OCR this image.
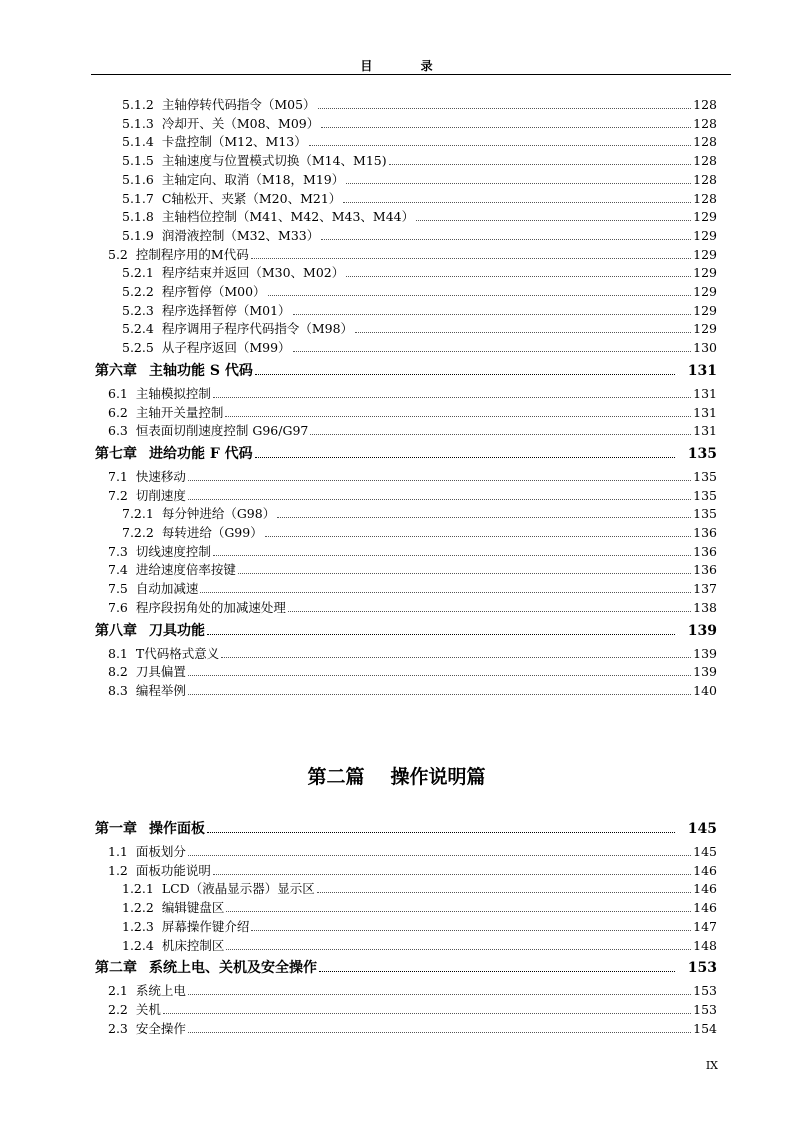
目 录
5.1.2 主轴停转代码指令（M05）	128
5.1.3 冷却开、关（M08、M09）	128
5.1.4 卡盘控制（M12、M13）	128
5.1.5 主轴速度与位置模式切换（M14、M15)	128
5.1.6 主轴定向、取消（M18，M19）	128
5.1.7 C轴松开、夹紧（M20、M21）	128
5.1.8 主轴档位控制（M41、M42、M43、M44）	129
5.1.9 润滑液控制（M32、M33）	129
5.2 控制程序用的M代码	129
5.2.1 程序结束并返回（M30、M02）	129
5.2.2 程序暂停（M00）	129
5.2.3 程序选择暂停（M01）	129
5.2.4 程序调用子程序代码指令（M98）	129
5.2.5 从子程序返回（M99）	130
第六章 主轴功能 S 代码	131
6.1 主轴模拟控制	131
6.2 主轴开关量控制	131
6.3 恒表面切削速度控制 G96/G97	131
第七章 进给功能 F 代码	135
7.1 快速移动	135
7.2 切削速度	135
7.2.1 每分钟进给（G98）	135
7.2.2 每转进给（G99）	136
7.3 切线速度控制	136
7.4 进给速度倍率按键	136
7.5 自动加减速	137
7.6 程序段拐角处的加减速处理	138
第八章 刀具功能	139
8.1 T代码格式意义	139
8.2 刀具偏置	139
8.3 编程举例	140
第二篇 操作说明篇
第一章 操作面板	145
1.1 面板划分	145
1.2 面板功能说明	146
1.2.1 LCD（液晶显示器）显示区	146
1.2.2 编辑键盘区	146
1.2.3 屏幕操作键介绍	147
1.2.4 机床控制区	148
第二章 系统上电、关机及安全操作	153
2.1 系统上电	153
2.2 关机	153
2.3 安全操作	154
IX
